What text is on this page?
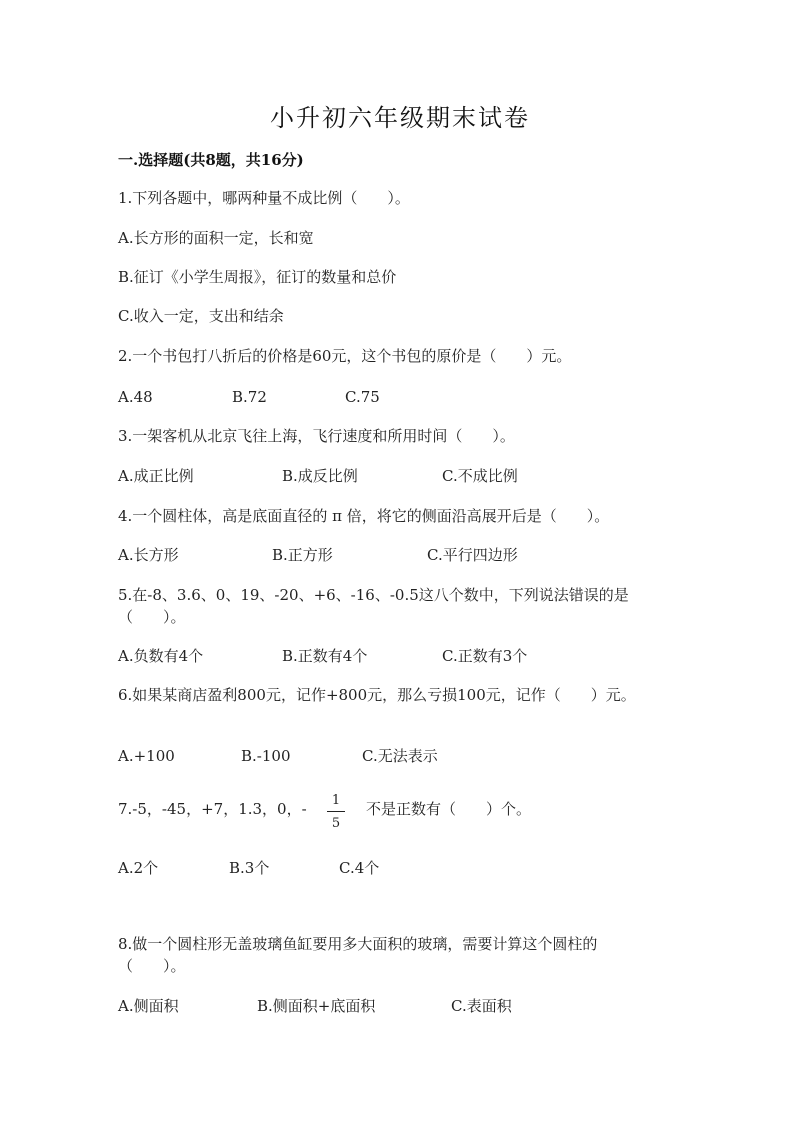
小升初六年级期末试卷
一.选择题(共8题，共16分)
1.下列各题中，哪两种量不成比例（　　）。
A.长方形的面积一定，长和宽
B.征订《小学生周报》，征订的数量和总价
C.收入一定，支出和结余
2.一个书包打八折后的价格是60元，这个书包的原价是（　　）元。
A.48	B.72	C.75
3.一架客机从北京飞往上海，飞行速度和所用时间（　　）。
A.成正比例	B.成反比例	C.不成比例
4.一个圆柱体，高是底面直径的 π 倍，将它的侧面沿高展开后是（　　）。
A.长方形	B.正方形	C.平行四边形
5.在-8、3.6、0、19、-20、+6、-16、-0.5这八个数中，下列说法错误的是
（　　）。
A.负数有4个	B.正数有4个	C.正数有3个
6.如果某商店盈利800元，记作+800元，那么亏损100元，记作（　　）元。
A.+100	B.-100	C.无法表示
7.-5，-45，+7，1.3，0，-	1
5
不是正数有（　　）个。
A.2个	B.3个	C.4个
8.做一个圆柱形无盖玻璃鱼缸要用多大面积的玻璃，需要计算这个圆柱的
（　　）。
A.侧面积	B.侧面积+底面积	C.表面积
